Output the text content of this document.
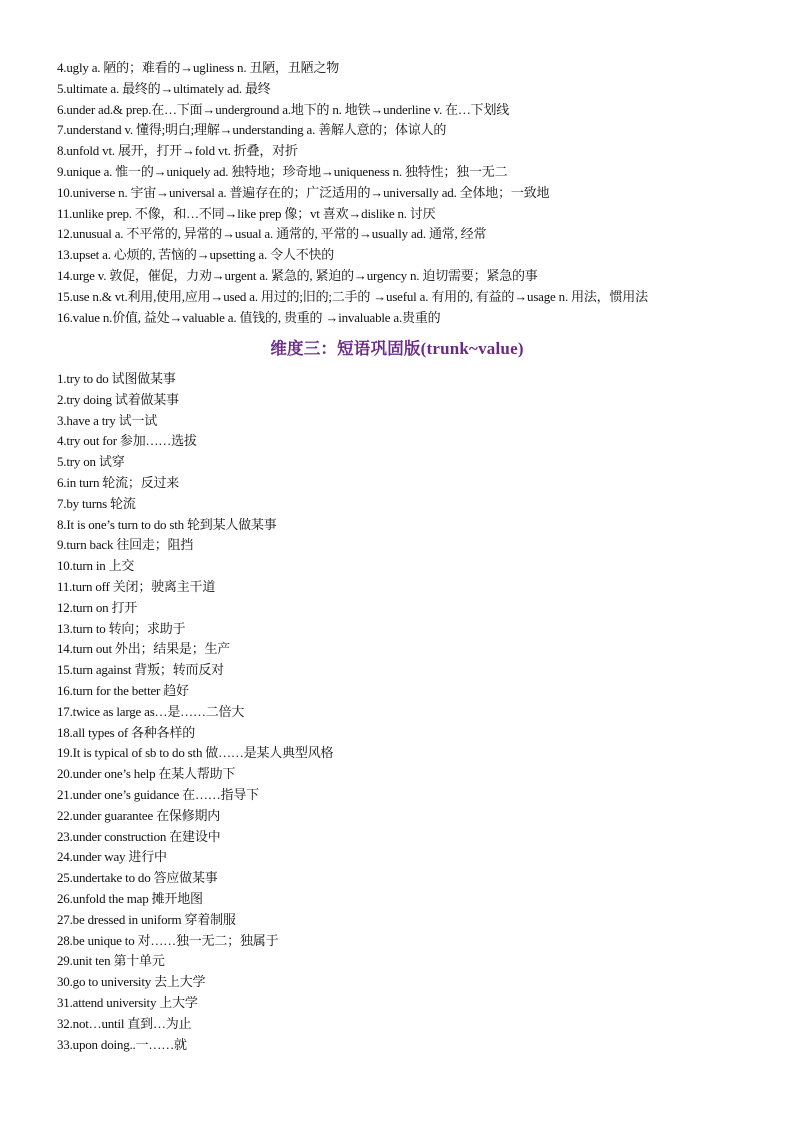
4.ugly a. 陋的；难看的→ugliness n. 丑陋，丑陋之物
5.ultimate a. 最终的→ultimately ad. 最终
6.under ad.& prep.在…下面→underground a.地下的 n. 地铁→underline v. 在…下划线
7.understand v. 懂得;明白;理解→understanding a. 善解人意的；体谅人的
8.unfold vt. 展开，打开→fold vt. 折叠，对折
9.unique a. 惟一的→uniquely ad. 独特地；珍奇地→uniqueness n. 独特性；独一无二
10.universe n. 宇宙→universal a. 普遍存在的；广泛适用的→universally ad. 全体地；一致地
11.unlike prep. 不像，和…不同→like prep 像；vt 喜欢→dislike n. 讨厌
12.unusual a. 不平常的, 异常的→usual a. 通常的, 平常的→usually ad. 通常, 经常
13.upset a. 心烦的, 苦恼的→upsetting a. 令人不快的
14.urge v. 敦促，催促，力劝→urgent a. 紧急的, 紧迫的→urgency n. 迫切需要；紧急的事
15.use n.& vt.利用,使用,应用→used a. 用过的;旧的;二手的 →useful a. 有用的, 有益的→usage n. 用法，惯用法
16.value n.价值, 益处→valuable a. 值钱的, 贵重的 →invaluable a.贵重的
维度三：短语巩固版(trunk~value)
1.try to do 试图做某事
2.try doing 试着做某事
3.have a try 试一试
4.try out for 参加……选拔
5.try on 试穿
6.in turn 轮流；反过来
7.by turns 轮流
8.It is one’s turn to do sth 轮到某人做某事
9.turn back 往回走；阻挡
10.turn in 上交
11.turn off 关闭；驶离主干道
12.turn on 打开
13.turn to 转向；求助于
14.turn out 外出；结果是；生产
15.turn against 背叛；转而反对
16.turn for the better 趋好
17.twice as large as…是……二倍大
18.all types of 各种各样的
19.It is typical of sb to do sth 做……是某人典型风格
20.under one’s help 在某人帮助下
21.under one’s guidance 在……指导下
22.under guarantee 在保修期内
23.under construction 在建设中
24.under way 进行中
25.undertake to do 答应做某事
26.unfold the map 摊开地图
27.be dressed in uniform 穿着制服
28.be unique to 对……独一无二；独属于
29.unit ten 第十单元
30.go to university 去上大学
31.attend university 上大学
32.not…until 直到…为止
33.upon doing..一……就
